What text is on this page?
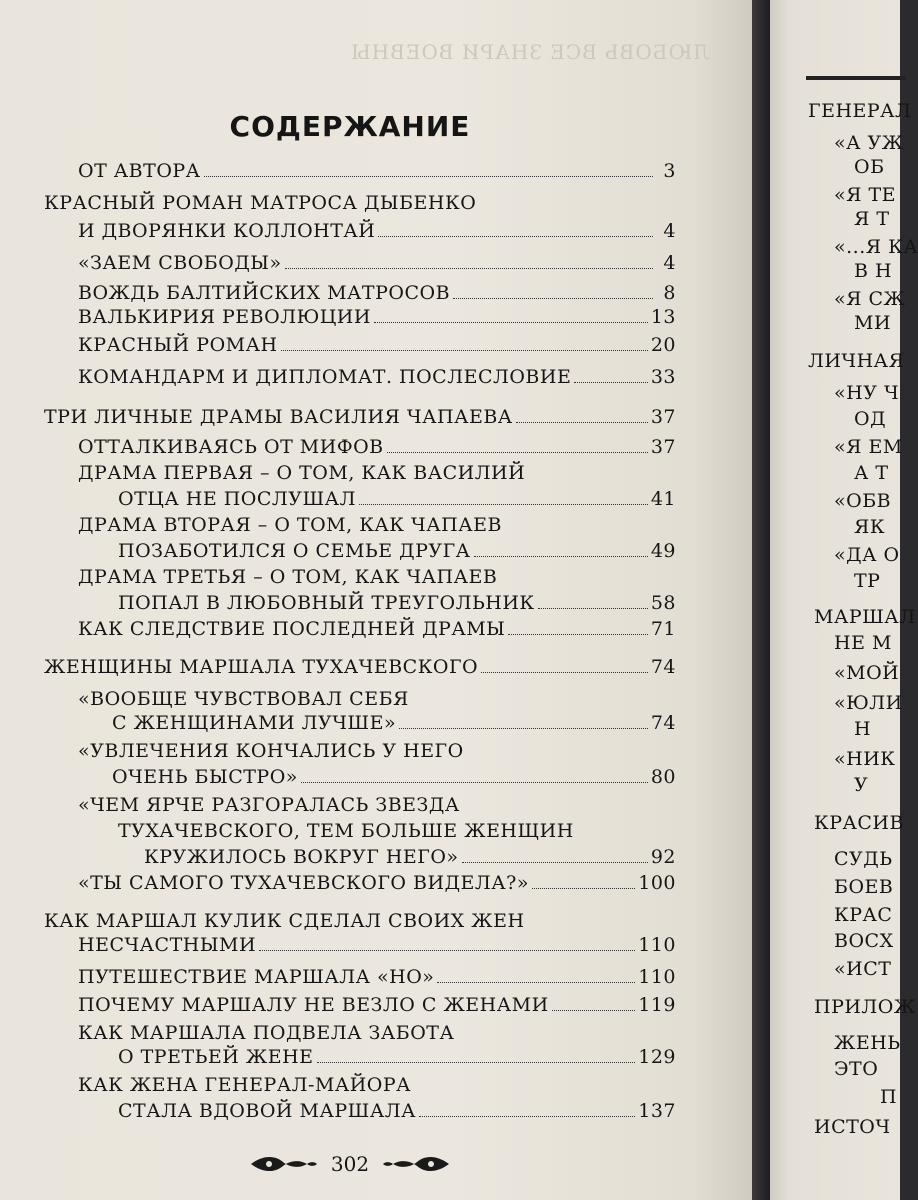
ЛЮБОВЬ ВСЕ ЗНАРИ ВОЕВНЫ
СОДЕРЖАНИЕ
ОТ АВТОРА	3
КРАСНЫЙ РОМАН МАТРОСА ДЫБЕНКО
И ДВОРЯНКИ КОЛЛОНТАЙ	4
«ЗАЕМ СВОБОДЫ»	4
ВОЖДЬ БАЛТИЙСКИХ МАТРОСОВ	8
ВАЛЬКИРИЯ РЕВОЛЮЦИИ	13
КРАСНЫЙ РОМАН	20
КОМАНДАРМ И ДИПЛОМАТ. ПОСЛЕСЛОВИЕ	33
ТРИ ЛИЧНЫЕ ДРАМЫ ВАСИЛИЯ ЧАПАЕВА	37
ОТТАЛКИВАЯСЬ ОТ МИФОВ	37
ДРАМА ПЕРВАЯ – О ТОМ, КАК ВАСИЛИЙ
ОТЦА НЕ ПОСЛУШАЛ	41
ДРАМА ВТОРАЯ – О ТОМ, КАК ЧАПАЕВ
ПОЗАБОТИЛСЯ О СЕМЬЕ ДРУГА	49
ДРАМА ТРЕТЬЯ – О ТОМ, КАК ЧАПАЕВ
ПОПАЛ В ЛЮБОВНЫЙ ТРЕУГОЛЬНИК	58
КАК СЛЕДСТВИЕ ПОСЛЕДНЕЙ ДРАМЫ	71
ЖЕНЩИНЫ МАРШАЛА ТУХАЧЕВСКОГО	74
«ВООБЩЕ ЧУВСТВОВАЛ СЕБЯ
С ЖЕНЩИНАМИ ЛУЧШЕ»	74
«УВЛЕЧЕНИЯ КОНЧАЛИСЬ У НЕГО
ОЧЕНЬ БЫСТРО»	80
«ЧЕМ ЯРЧЕ РАЗГОРАЛАСЬ ЗВЕЗДА
ТУХАЧЕВСКОГО, ТЕМ БОЛЬШЕ ЖЕНЩИН
КРУЖИЛОСЬ ВОКРУГ НЕГО»	92
«ТЫ САМОГО ТУХАЧЕВСКОГО ВИДЕЛА?»	100
КАК МАРШАЛ КУЛИК СДЕЛАЛ СВОИХ ЖЕН
НЕСЧАСТНЫМИ	110
ПУТЕШЕСТВИЕ МАРШАЛА «НО»	110
ПОЧЕМУ МАРШАЛУ НЕ ВЕЗЛО С ЖЕНАМИ	119
КАК МАРШАЛА ПОДВЕЛА ЗАБОТА
О ТРЕТЬЕЙ ЖЕНЕ	129
КАК ЖЕНА ГЕНЕРАЛ-МАЙОРА
СТАЛА ВДОВОЙ МАРШАЛА	137
302
ГЕНЕРАЛ
«А УЖ
ОБ
«Я ТЕ
Я Т
«...Я КА
В Н
«Я СЖ
МИ
ЛИЧНАЯ
«НУ Ч
ОД
«Я ЕМ
А Т
«ОБВ
ЯК
«ДА О
ТР
МАРШАЛ
НЕ М
«МОЙ
«ЮЛИ
Н
«НИК
У
КРАСИВ
СУДЬ
БОЕВ
КРАС
ВОСХ
«ИСТ
ПРИЛОЖ
ЖЕНЬ
ЭТО
П
ИСТОЧ
